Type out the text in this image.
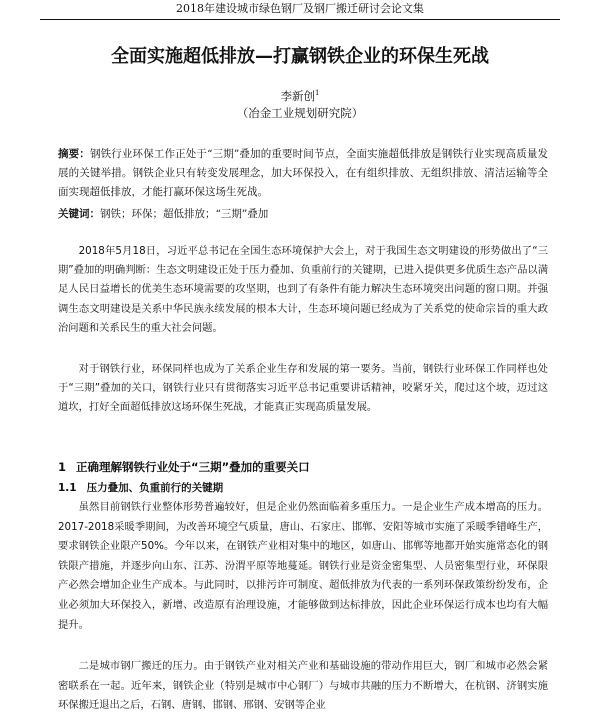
2018年建设城市绿色钢厂及钢厂搬迁研讨会论文集
全面实施超低排放—打赢钢铁企业的环保生死战
李新创$^1$
（冶金工业规划研究院）
摘要：钢铁行业环保工作正处于“三期”叠加的重要时间节点，全面实施超低排放是钢铁行业实现高质量发展的关键举措。钢铁企业只有转变发展理念，加大环保投入，在有组织排放、无组织排放、清洁运输等全面实现超低排放，才能打赢环保这场生死战。
关键词：钢铁；环保；超低排放；“三期”叠加

2018年5月18日，习近平总书记在全国生态环境保护大会上，对于我国生态文明建设的形势做出了“三期”叠加的明确判断：生态文明建设正处于压力叠加、负重前行的关键期，已进入提供更多优质生态产品以满足人民日益增长的优美生态环境需要的攻坚期，也到了有条件有能力解决生态环境突出问题的窗口期。并强调生态文明建设是关系中华民族永续发展的根本大计，生态环境问题已经成为了关系党的使命宗旨的重大政治问题和关系民生的重大社会问题。

对于钢铁行业，环保同样也成为了关系企业生存和发展的第一要务。当前，钢铁行业环保工作同样也处于“三期”叠加的关口，钢铁行业只有贯彻落实习近平总书记重要讲话精神，咬紧牙关，爬过这个坡，迈过这道坎，打好全面超低排放这场环保生死战，才能真正实现高质量发展。

1 正确理解钢铁行业处于“三期”叠加的重要关口
1.1 压力叠加、负重前行的关键期

虽然目前钢铁行业整体形势普遍较好，但是企业仍然面临着多重压力。一是企业生产成本增高的压力。2017-2018采暖季期间，为改善环境空气质量，唐山、石家庄、邯郸、安阳等城市实施了采暖季错峰生产，要求钢铁企业限产50%。今年以来，在钢铁产业相对集中的地区，如唐山、邯郸等地都开始实施常态化的钢铁限产措施，并逐步向山东、江苏、汾渭平原等地蔓延。钢铁行业是资金密集型、人员密集型行业，环保限产必然会增加企业生产成本。与此同时，以排污许可制度、超低排放为代表的一系列环保政策纷纷发布，企业必须加大环保投入，新增、改造原有治理设施，才能够做到达标排放，因此企业环保运行成本也均有大幅提升。

二是城市钢厂搬迁的压力。由于钢铁产业对相关产业和基础设施的带动作用巨大，钢厂和城市必然会紧密联系在一起。近年来，钢铁企业（特别是城市中心钢厂）与城市共融的压力不断增大，在杭钢、济钢实施环保搬迁退出之后，石钢、唐钢、邯钢、邢钢、安钢等企业
